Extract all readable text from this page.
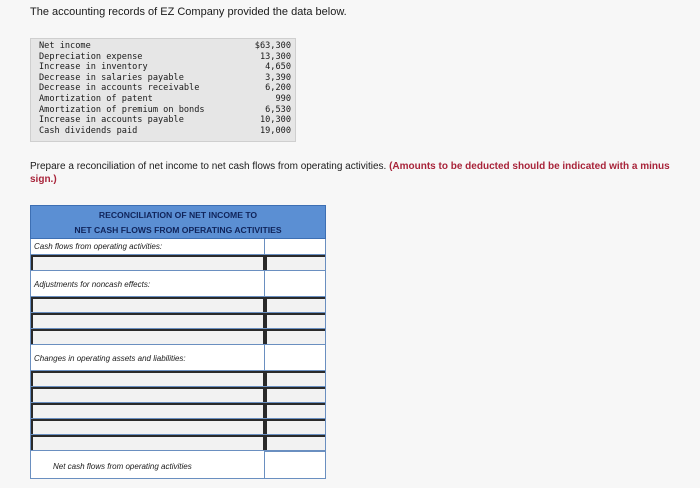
The accounting records of EZ Company provided the data below.
Net income	$63,300
Depreciation expense	13,300
Increase in inventory	4,650
Decrease in salaries payable	3,390
Decrease in accounts receivable	6,200
Amortization of patent	990
Amortization of premium on bonds	6,530
Increase in accounts payable	10,300
Cash dividends paid	19,000
Prepare a reconciliation of net income to net cash flows from operating activities. (Amounts to be deducted should be indicated with a minus sign.)
RECONCILIATION OF NET INCOME TO
NET CASH FLOWS FROM OPERATING ACTIVITIES
Cash flows from operating activities:
Adjustments for noncash effects:
Changes in operating assets and liabilities:
Net cash flows from operating activities
